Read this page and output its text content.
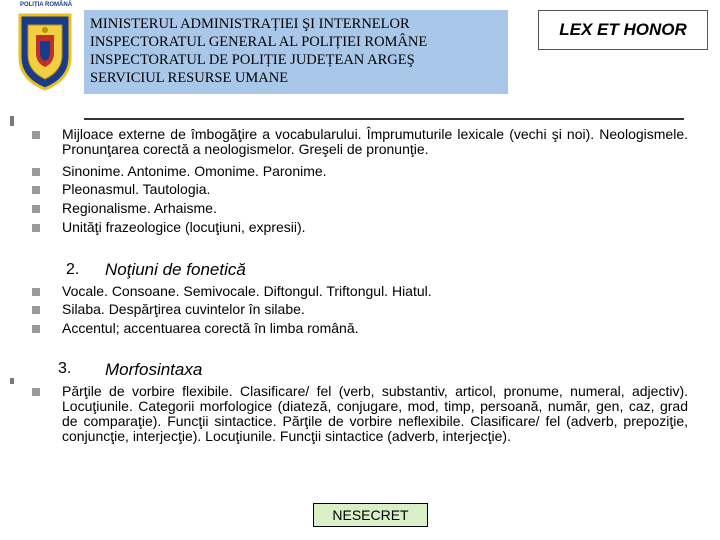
POLIȚIA ROMÂNĂ
MINISTERUL ADMINISTRAȚIEI ŞI INTERNELOR
INSPECTORATUL GENERAL AL POLIȚIEI ROMÂNE
INSPECTORATUL DE POLIȚIE JUDEȚEAN ARGEŞ
SERVICIUL RESURSE UMANE
LEX ET HONOR
Mijloace externe de îmbogăţire a vocabularului. Împrumuturile lexicale (vechi şi noi). Neologismele. Pronunţarea corectă a neologismelor. Greşeli de pronunţie.
Sinonime. Antonime. Omonime. Paronime.
Pleonasmul. Tautologia.
Regionalisme. Arhaisme.
Unităţi frazeologice (locuţiuni, expresii).
2. Noţiuni de fonetică
Vocale. Consoane. Semivocale. Diftongul. Triftongul. Hiatul.
Silaba. Despărţirea cuvintelor în silabe.
Accentul; accentuarea corectă în limba română.
3. Morfosintaxa
Părţile de vorbire flexibile. Clasificare/ fel (verb, substantiv, articol, pronume, numeral, adjectiv). Locuţiunile. Categorii morfologice (diateză, conjugare, mod, timp, persoană, număr, gen, caz, grad de comparaţie). Funcţii sintactice. Părţile de vorbire neflexibile. Clasificare/ fel (adverb, prepoziţie, conjuncţie, interjecţie). Locuţiunile. Funcţii sintactice (adverb, interjecţie).
NESECRET
